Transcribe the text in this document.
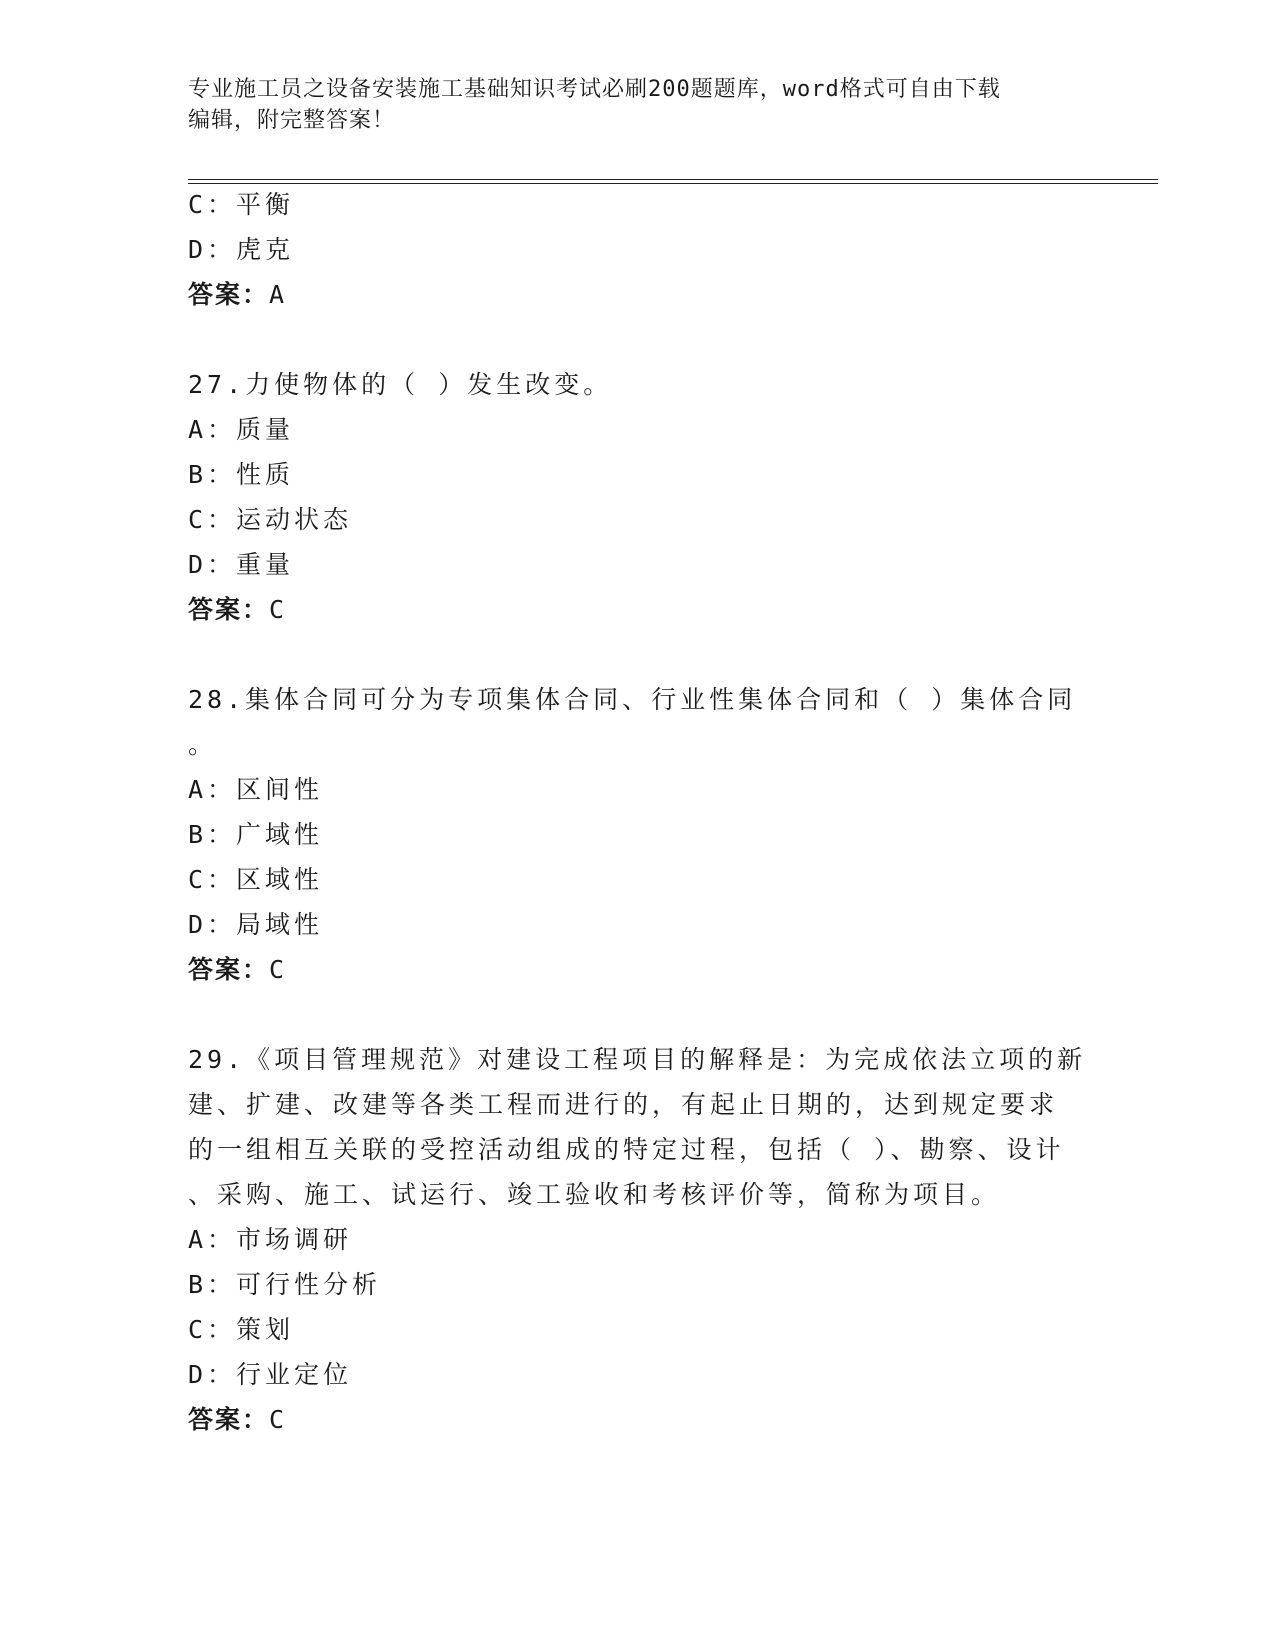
专业施工员之设备安装施工基础知识考试必刷200题题库，word格式可自由下载
编辑，附完整答案！
C：平衡
D：虎克
答案：A
27.力使物体的（ ）发生改变。
A：质量
B：性质
C：运动状态
D：重量
答案：C
28.集体合同可分为专项集体合同、行业性集体合同和（ ）集体合同
。
A：区间性
B：广域性
C：区域性
D：局域性
答案：C
29.《项目管理规范》对建设工程项目的解释是：为完成依法立项的新
建、扩建、改建等各类工程而进行的，有起止日期的，达到规定要求
的一组相互关联的受控活动组成的特定过程，包括（ ）、勘察、设计
、采购、施工、试运行、竣工验收和考核评价等，简称为项目。
A：市场调研
B：可行性分析
C：策划
D：行业定位
答案：C
